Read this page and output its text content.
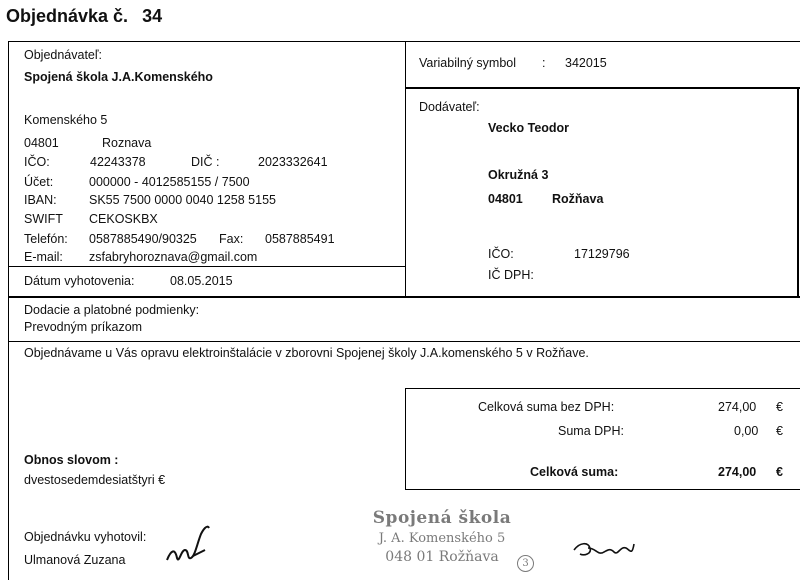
Objednávka č. 34
Objednávateľ:
Spojená škola J.A.Komenského
Komenského 5
04801	Roznava
IČO:	42243378	DIČ :	2023332641
Účet:	000000 - 4012585155 / 7500
IBAN:	SK55 7500 0000 0040 1258 5155
SWIFT CEKOSKBX
Telefón: 0587885490/90325 Fax: 0587885491
E-mail: zsfabryhoroznava@gmail.com
Dátum vyhotovenia:	08.05.2015
Variabilný symbol : 342015
Dodávateľ:
Vecko Teodor
Okružná 3
04801 Rožňava
IČO:	17129796
IČ DPH:
Dodacie a platobné podmienky:
Prevodným príkazom
Objednávame u Vás opravu elektroinštalácie v zborovni Spojenej školy J.A.komenského 5 v Rožňave.
Celková suma bez DPH:	274,00 €
Suma DPH:	0,00 €
Celková suma:	274,00 €
Obnos slovom :
dvestosedemdesiatštyri €
Objednávku vyhotovil:
Ulmanová Zuzana
Spojená škola
J. A. Komenského 5
048 01 Rožňava	3
